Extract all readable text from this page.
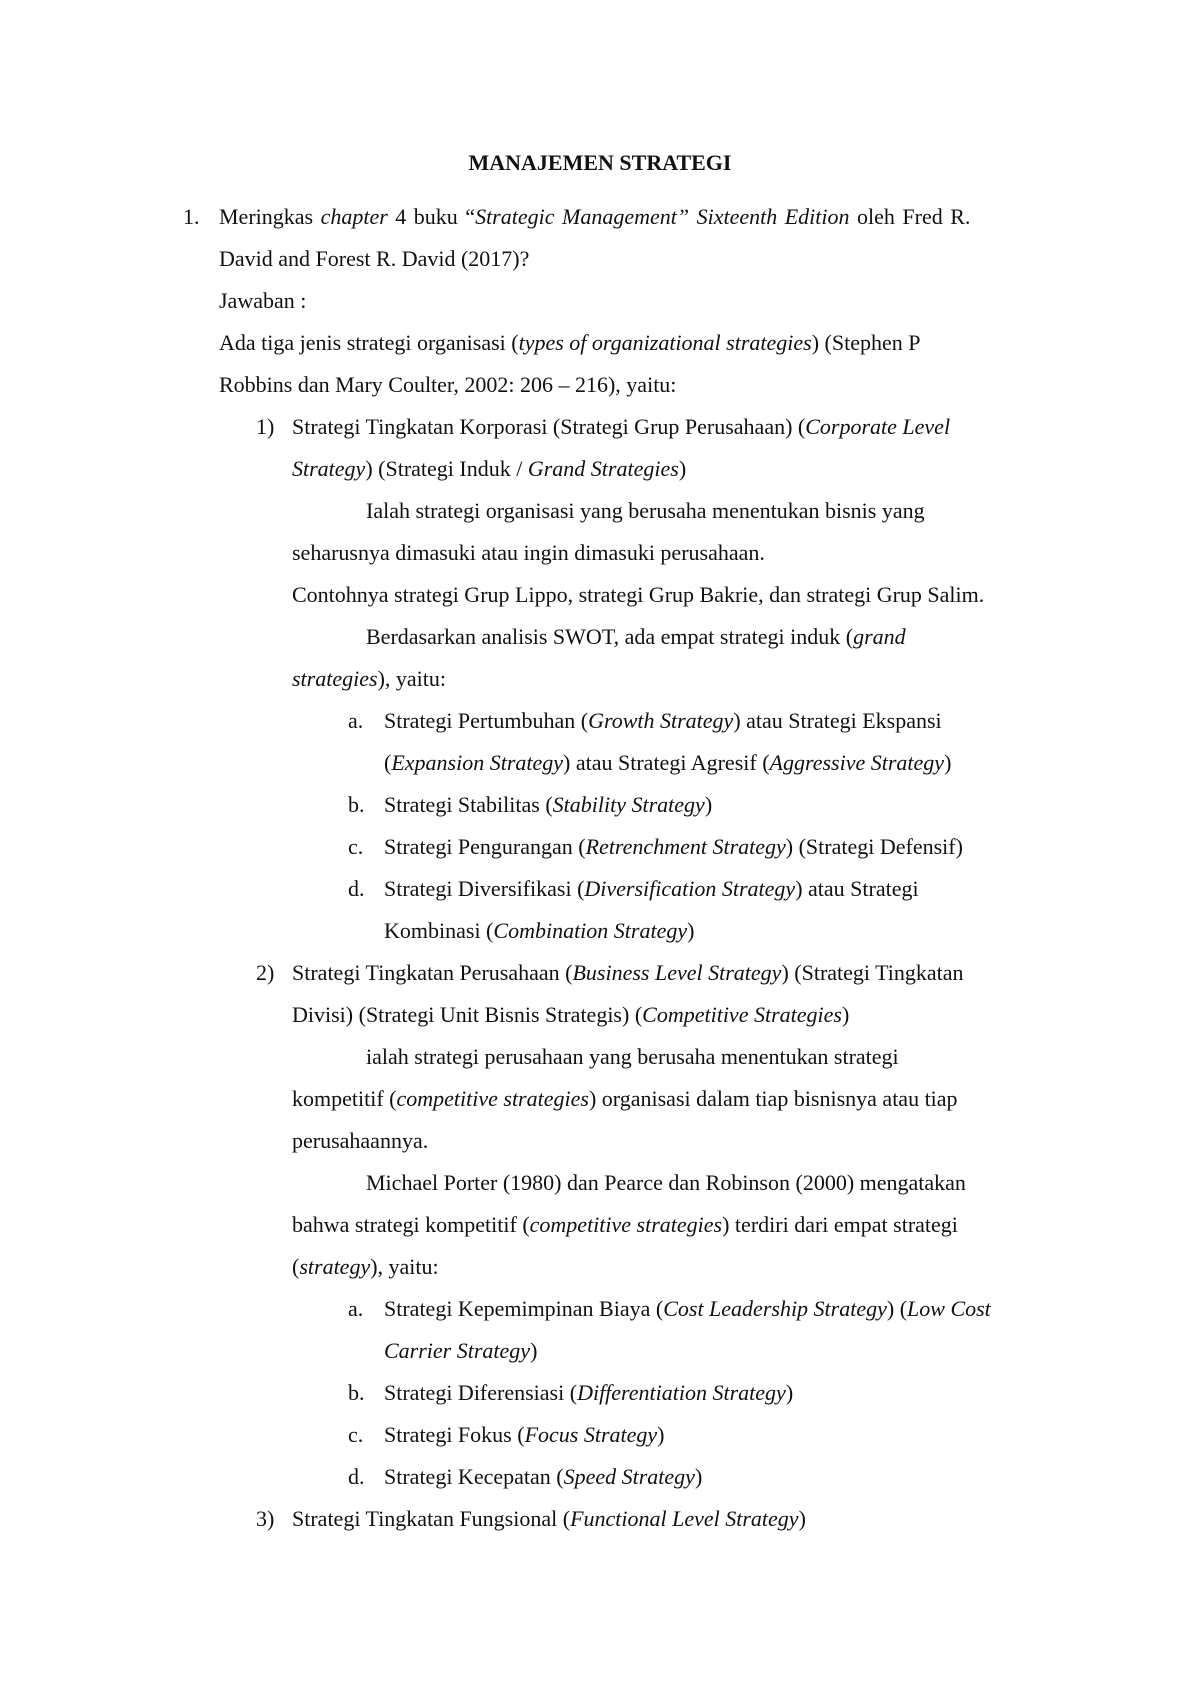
MANAJEMEN STRATEGI
1. Meringkas chapter 4 buku “Strategic Management” Sixteenth Edition oleh Fred R.
David and Forest R. David (2017)?
Jawaban :
Ada tiga jenis strategi organisasi (types of organizational strategies) (Stephen P
Robbins dan Mary Coulter, 2002: 206 – 216), yaitu:
1) Strategi Tingkatan Korporasi (Strategi Grup Perusahaan) (Corporate Level
Strategy) (Strategi Induk / Grand Strategies)
Ialah strategi organisasi yang berusaha menentukan bisnis yang
seharusnya dimasuki atau ingin dimasuki perusahaan.
Contohnya strategi Grup Lippo, strategi Grup Bakrie, dan strategi Grup Salim.
Berdasarkan analisis SWOT, ada empat strategi induk (grand
strategies), yaitu:
a. Strategi Pertumbuhan (Growth Strategy) atau Strategi Ekspansi
(Expansion Strategy) atau Strategi Agresif (Aggressive Strategy)
b. Strategi Stabilitas (Stability Strategy)
c. Strategi Pengurangan (Retrenchment Strategy) (Strategi Defensif)
d. Strategi Diversifikasi (Diversification Strategy) atau Strategi
Kombinasi (Combination Strategy)
2) Strategi Tingkatan Perusahaan (Business Level Strategy) (Strategi Tingkatan
Divisi) (Strategi Unit Bisnis Strategis) (Competitive Strategies)
ialah strategi perusahaan yang berusaha menentukan strategi
kompetitif (competitive strategies) organisasi dalam tiap bisnisnya atau tiap
perusahaannya.
Michael Porter (1980) dan Pearce dan Robinson (2000) mengatakan
bahwa strategi kompetitif (competitive strategies) terdiri dari empat strategi
(strategy), yaitu:
a. Strategi Kepemimpinan Biaya (Cost Leadership Strategy) (Low Cost
Carrier Strategy)
b. Strategi Diferensiasi (Differentiation Strategy)
c. Strategi Fokus (Focus Strategy)
d. Strategi Kecepatan (Speed Strategy)
3) Strategi Tingkatan Fungsional (Functional Level Strategy)
